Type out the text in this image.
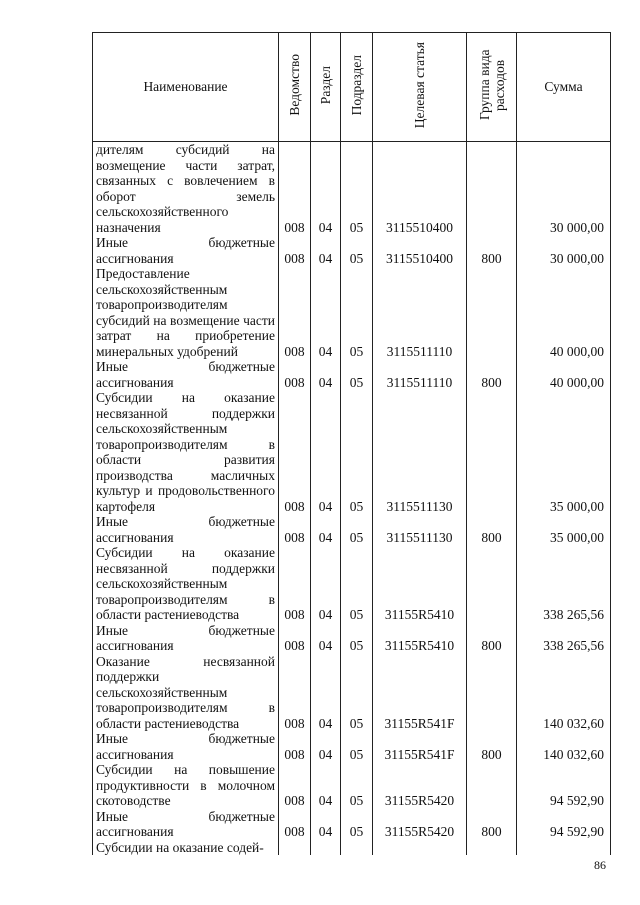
Наименование	Ведомство	Раздел	Подраздел	Целевая статья	Группа вида расходов	Сумма

дителям субсидий на возмещение части затрат, связанных с вовлечением в оборот земель сельскохозяйственного назначения	008	04	05	3115510400		30 000,00

Иные бюджетные ассигнования	008	04	05	3115510400	800	30 000,00

Предоставление сельскохозяйственным товаропроизводителям субсидий на возмещение части затрат на приобретение минеральных удобрений	008	04	05	3115511110		40 000,00

Иные бюджетные ассигнования	008	04	05	3115511110	800	40 000,00

Субсидии на оказание несвязанной поддержки сельскохозяйственным товаропроизводителям в области развития производства масличных культур и продовольственного картофеля	008	04	05	3115511130		35 000,00

Иные бюджетные ассигнования	008	04	05	3115511130	800	35 000,00

Субсидии на оказание несвязанной поддержки сельскохозяйственным товаропроизводителям в области растениеводства	008	04	05	31155R5410		338 265,56

Иные бюджетные ассигнования	008	04	05	31155R5410	800	338 265,56

Оказание несвязанной поддержки сельскохозяйственным товаропроизводителям в области растениеводства	008	04	05	31155R541F		140 032,60

Иные бюджетные ассигнования	008	04	05	31155R541F	800	140 032,60

Субсидии на повышение продуктивности в молочном скотоводстве	008	04	05	31155R5420		94 592,90

Иные бюджетные ассигнования	008	04	05	31155R5420	800	94 592,90

Субсидии на оказание содей-						

86
